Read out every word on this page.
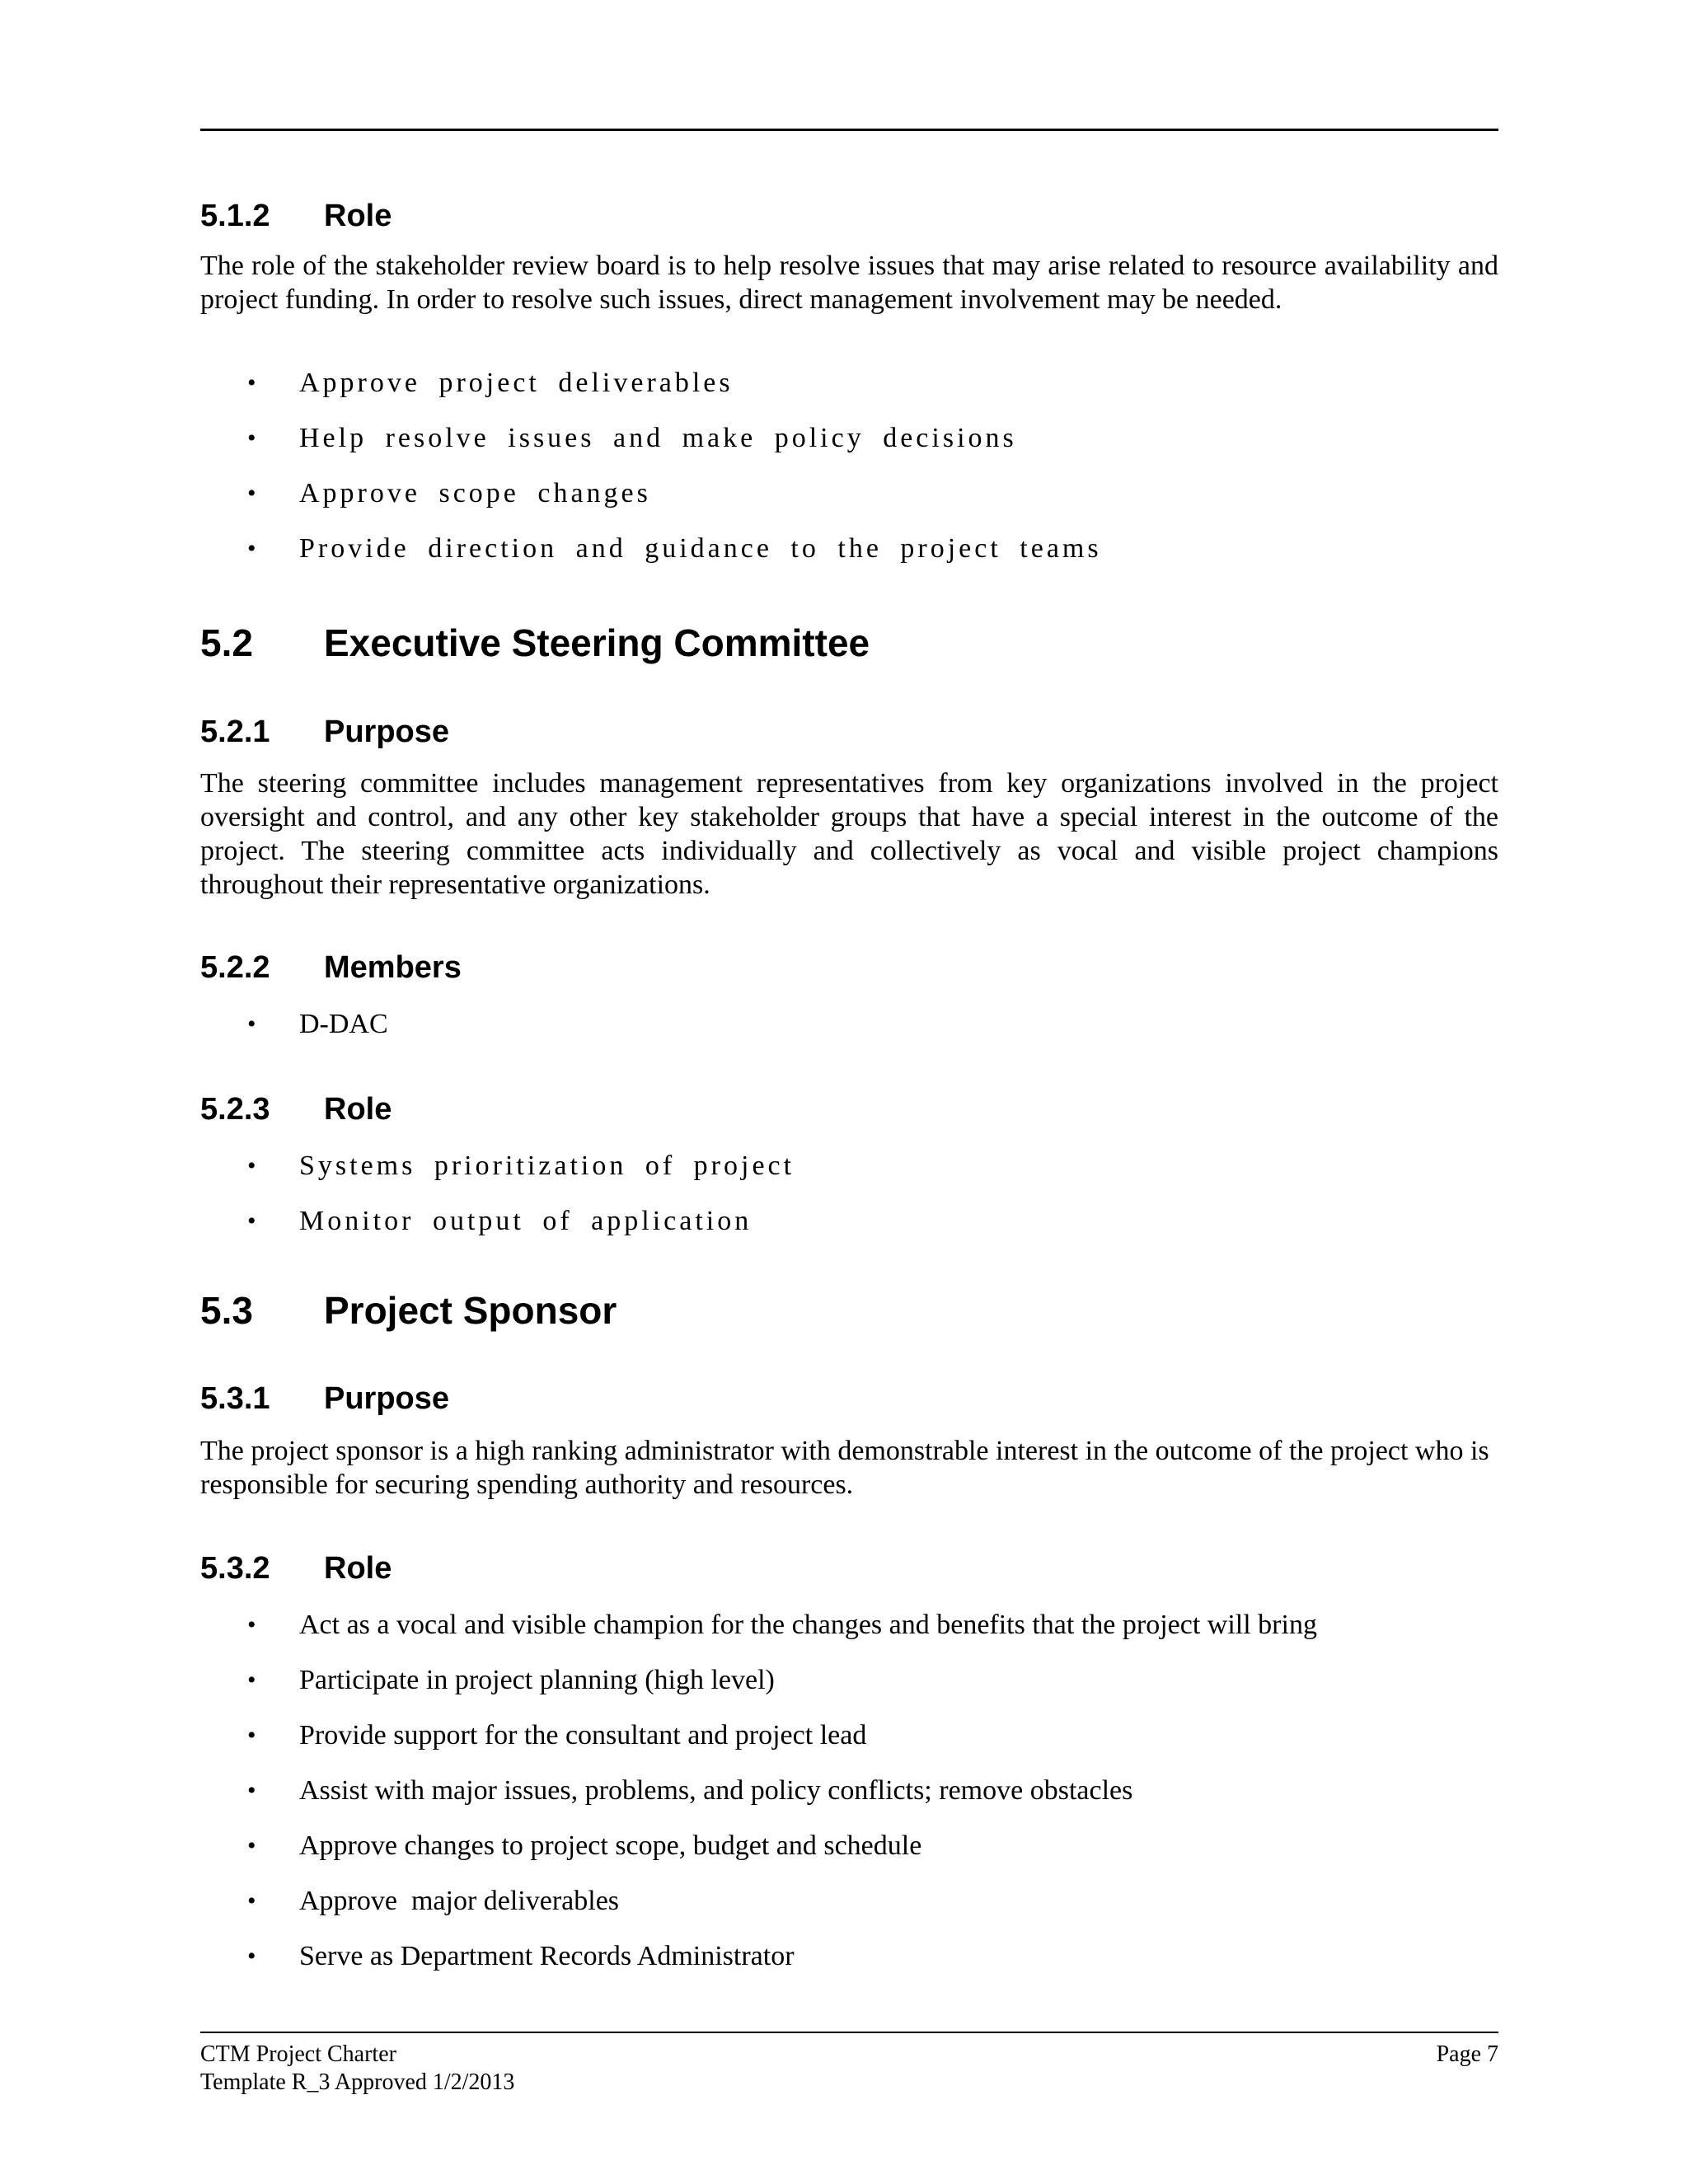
5.1.2 Role
The role of the stakeholder review board is to help resolve issues that may arise related to resource availability and project funding. In order to resolve such issues, direct management involvement may be needed.
• Approve project deliverables
• Help resolve issues and make policy decisions
• Approve scope changes
• Provide direction and guidance to the project teams
5.2 Executive Steering Committee
5.2.1 Purpose
The steering committee includes management representatives from key organizations involved in the project oversight and control, and any other key stakeholder groups that have a special interest in the outcome of the project. The steering committee acts individually and collectively as vocal and visible project champions throughout their representative organizations.
5.2.2 Members
• D-DAC
5.2.3 Role
• Systems prioritization of project
• Monitor output of application
5.3 Project Sponsor
5.3.1 Purpose
The project sponsor is a high ranking administrator with demonstrable interest in the outcome of the project who is responsible for securing spending authority and resources.
5.3.2 Role
• Act as a vocal and visible champion for the changes and benefits that the project will bring
• Participate in project planning (high level)
• Provide support for the consultant and project lead
• Assist with major issues, problems, and policy conflicts; remove obstacles
• Approve changes to project scope, budget and schedule
• Approve  major deliverables
• Serve as Department Records Administrator
CTM Project Charter
Template R_3 Approved 1/2/2013
Page 7
